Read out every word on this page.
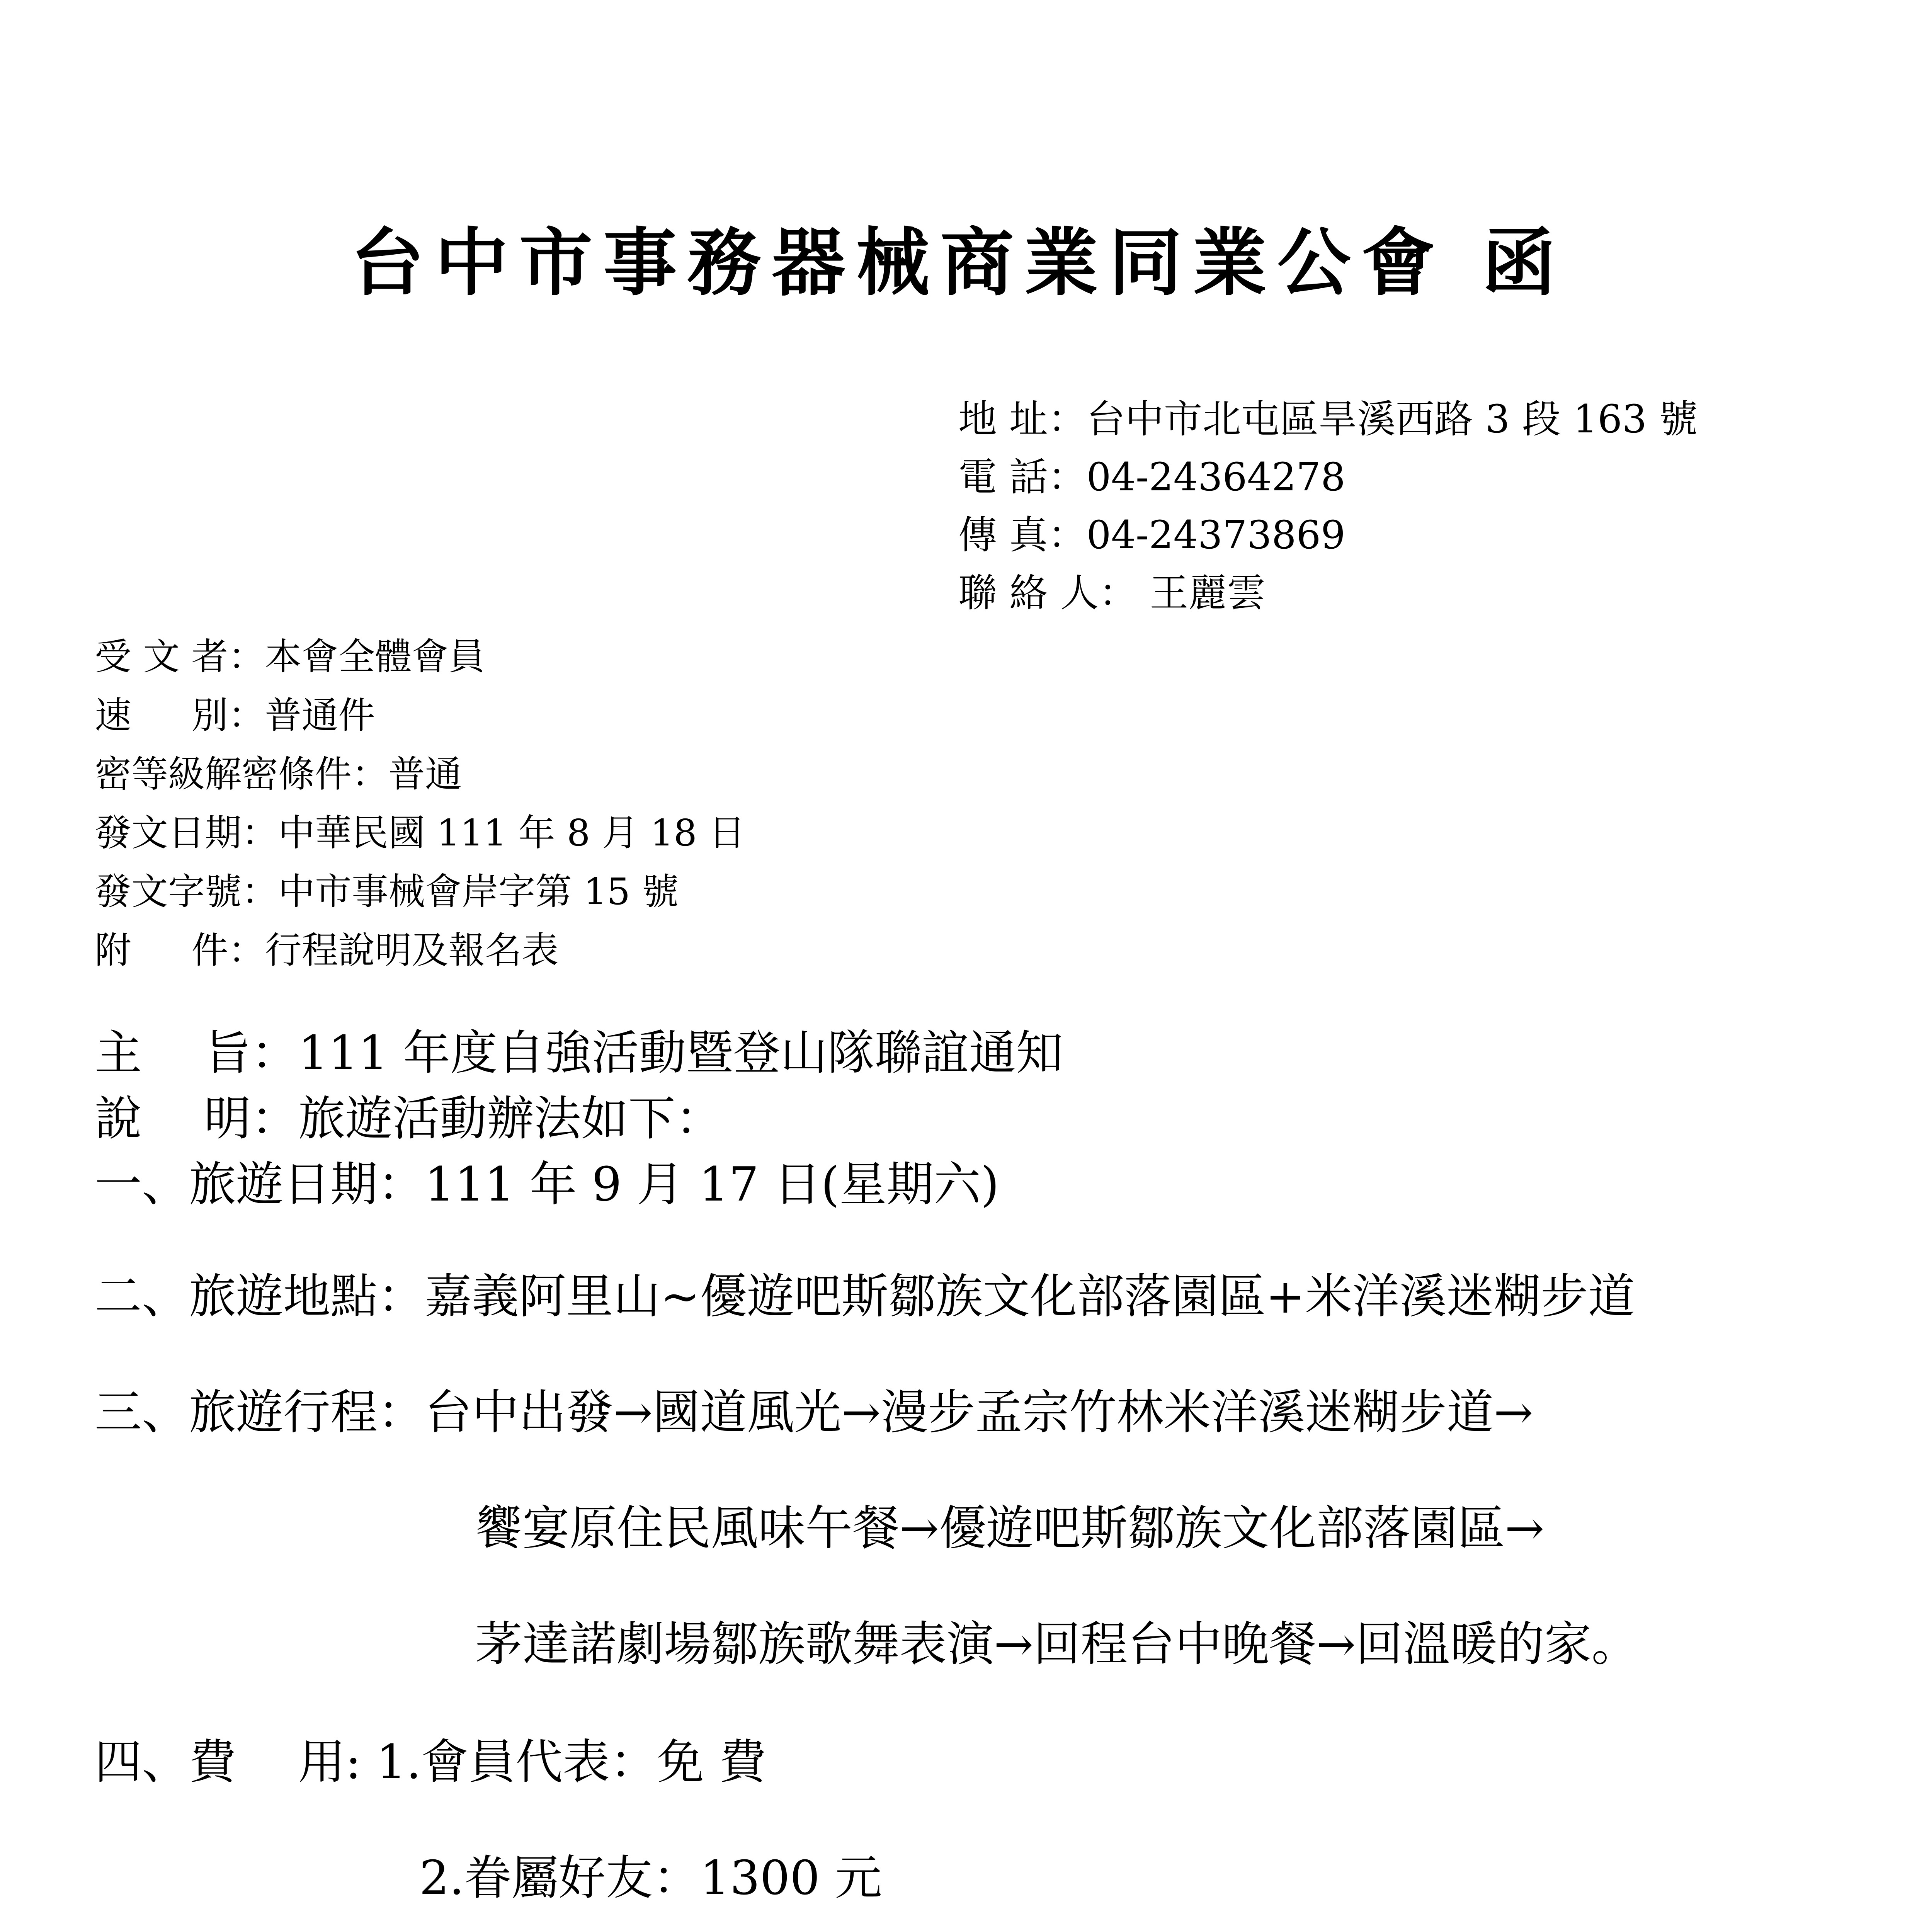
台中市事務器械商業同業公會 函
地 址：台中市北屯區旱溪西路 3 段 163 號
電 話：04-24364278
傳 真：04-24373869
聯 絡 人： 王麗雲
受 文 者：本會全體會員
速 　 別：普通件
密等級解密條件：普通
發文日期：中華民國 111 年 8 月 18 日
發文字號：中市事械會岸字第 15 號
附 　 件：行程說明及報名表
主　 旨：111 年度自強活動暨登山隊聯誼通知
說　 明：旅遊活動辦法如下：
一、旅遊日期：111 年 9 月 17 日(星期六)
二、旅遊地點：嘉義阿里山~優遊吧斯鄒族文化部落園區+米洋溪迷糊步道
三、旅遊行程：台中出發→國道風光→漫步孟宗竹林米洋溪迷糊步道→
饗宴原住民風味午餐→優遊吧斯鄒族文化部落園區→
茅達諾劇場鄒族歌舞表演→回程台中晚餐→回溫暖的家。
四、費　 用: 1.會員代表：免 費
2.眷屬好友：1300 元
